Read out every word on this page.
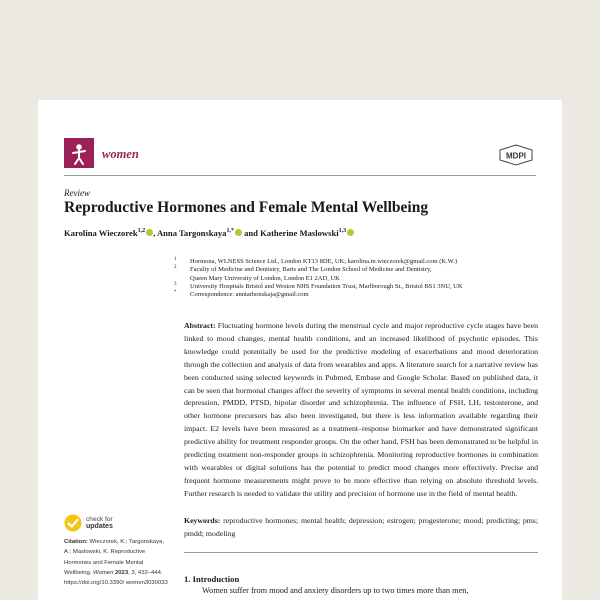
women	MDPI
Review
Reproductive Hormones and Female Mental Wellbeing
Karolina Wieczorek$^{1,2}$ , Anna Targonskaya$^{1,*}$ and Katherine Maslowski$^{1,3}$
1 Hormona, WLNESS Science Ltd., London KT13 8DE, UK; karolina.m.wieczorek@gmail.com (K.W.)
2 Faculty of Medicine and Dentistry, Barts and The London School of Medicine and Dentistry,
Queen Mary University of London, London E1 2AD, UK
3 University Hospitals Bristol and Weston NHS Foundation Trust, Marlborough St., Bristol BS1 3NU, UK
* Correspondence: anntarhonskaja@gmail.com
Abstract: Fluctuating hormone levels during the menstrual cycle and major reproductive cycle stages have been linked to mood changes, mental health conditions, and an increased likelihood of psychotic episodes. This knowledge could potentially be used for the predictive modeling of exacerbations and mood deterioration through the collection and analysis of data from wearables and apps. A literature search for a narrative review has been conducted using selected keywords in Pubmed, Embase and Google Scholar. Based on published data, it can be seen that hormonal changes affect the severity of symptoms in several mental health conditions, including depression, PMDD, PTSD, bipolar disorder and schizophrenia. The influence of FSH, LH, testosterone, and other hormone precursors has also been investigated, but there is less information available regarding their impact. E2 levels have been measured as a treatment–response biomarker and have demonstrated significant predictive ability for treatment responder groups. On the other hand, FSH has been demonstrated to be helpful in predicting treatment non-responder groups in schizophrenia. Monitoring reproductive hormones in combination with wearables or digital solutions has the potential to predict mood changes more effectively. Precise and frequent hormone measurements might prove to be more effective than relying on absolute threshold levels. Further research is needed to validate the utility and precision of hormone use in the field of mental health.
Keywords: reproductive hormones; mental health; depression; estrogen; progesterone; mood; predicting; pms; pmdd; modeling
check for
updates
Citation: Wieczorek, K.; Targonskaya, A.; Maslowski, K. Reproductive Hormones and Female Mental Wellbeing. Women 2023, 3, 432–444. https://doi.org/10.3390/ women3030033	1. Introduction
Women suffer from mood and anxiety disorders up to two times more than men,
